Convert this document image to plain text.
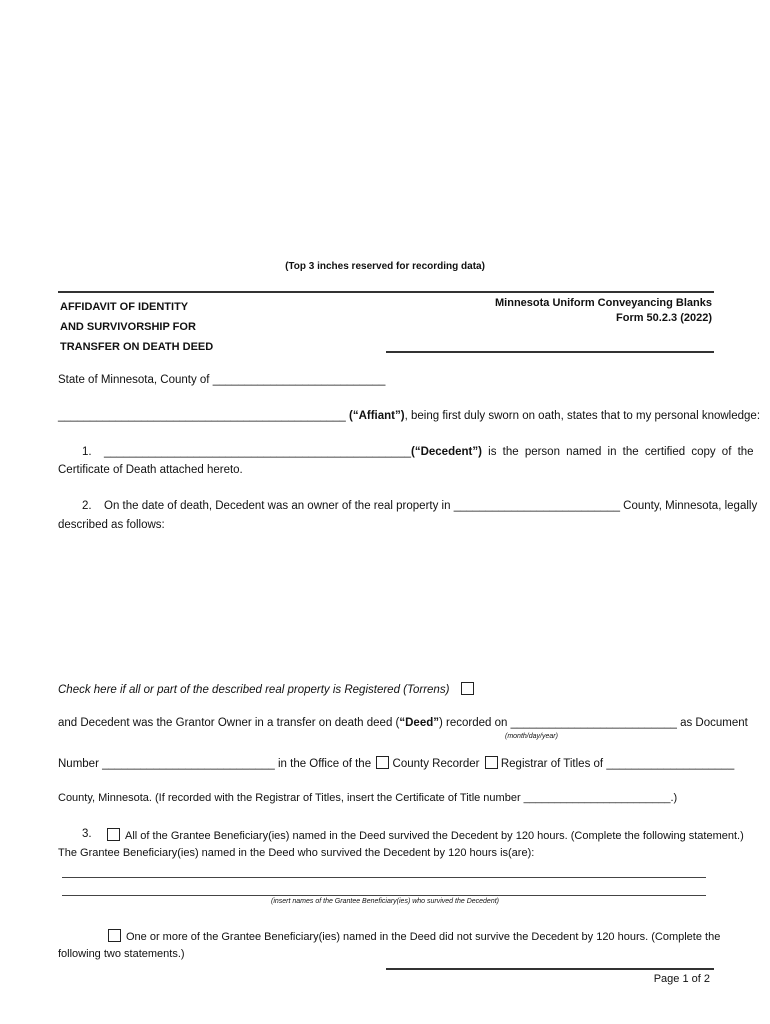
(Top 3 inches reserved for recording data)
AFFIDAVIT OF IDENTITY
AND SURVIVORSHIP FOR
TRANSFER ON DEATH DEED
Minnesota Uniform Conveyancing Blanks
Form 50.2.3 (2022)
State of Minnesota, County of ___________________________
_____________________________________________ (“Affiant”), being first duly sworn on oath, states that to my personal knowledge:
1. ________________________________________________ (“Decedent”) is the person named in the certified copy of the
Certificate of Death attached hereto.
2. On the date of death, Decedent was an owner of the real property in __________________________ County, Minnesota, legally
described as follows:
Check here if all or part of the described real property is Registered (Torrens)
and Decedent was the Grantor Owner in a transfer on death deed (“Deed”) recorded on __________________________ as Document
(month/day/year)
Number ___________________________ in the Office of the County Recorder Registrar of Titles of ____________________
County, Minnesota. (If recorded with the Registrar of Titles, insert the Certificate of Title number ________________________.)
3.	All of the Grantee Beneficiary(ies) named in the Deed survived the Decedent by 120 hours. (Complete the following statement.)
The Grantee Beneficiary(ies) named in the Deed who survived the Decedent by 120 hours is(are):
(insert names of the Grantee Beneficiary(ies) who survived the Decedent)
One or more of the Grantee Beneficiary(ies) named in the Deed did not survive the Decedent by 120 hours. (Complete the
following two statements.)
Page 1 of 2
